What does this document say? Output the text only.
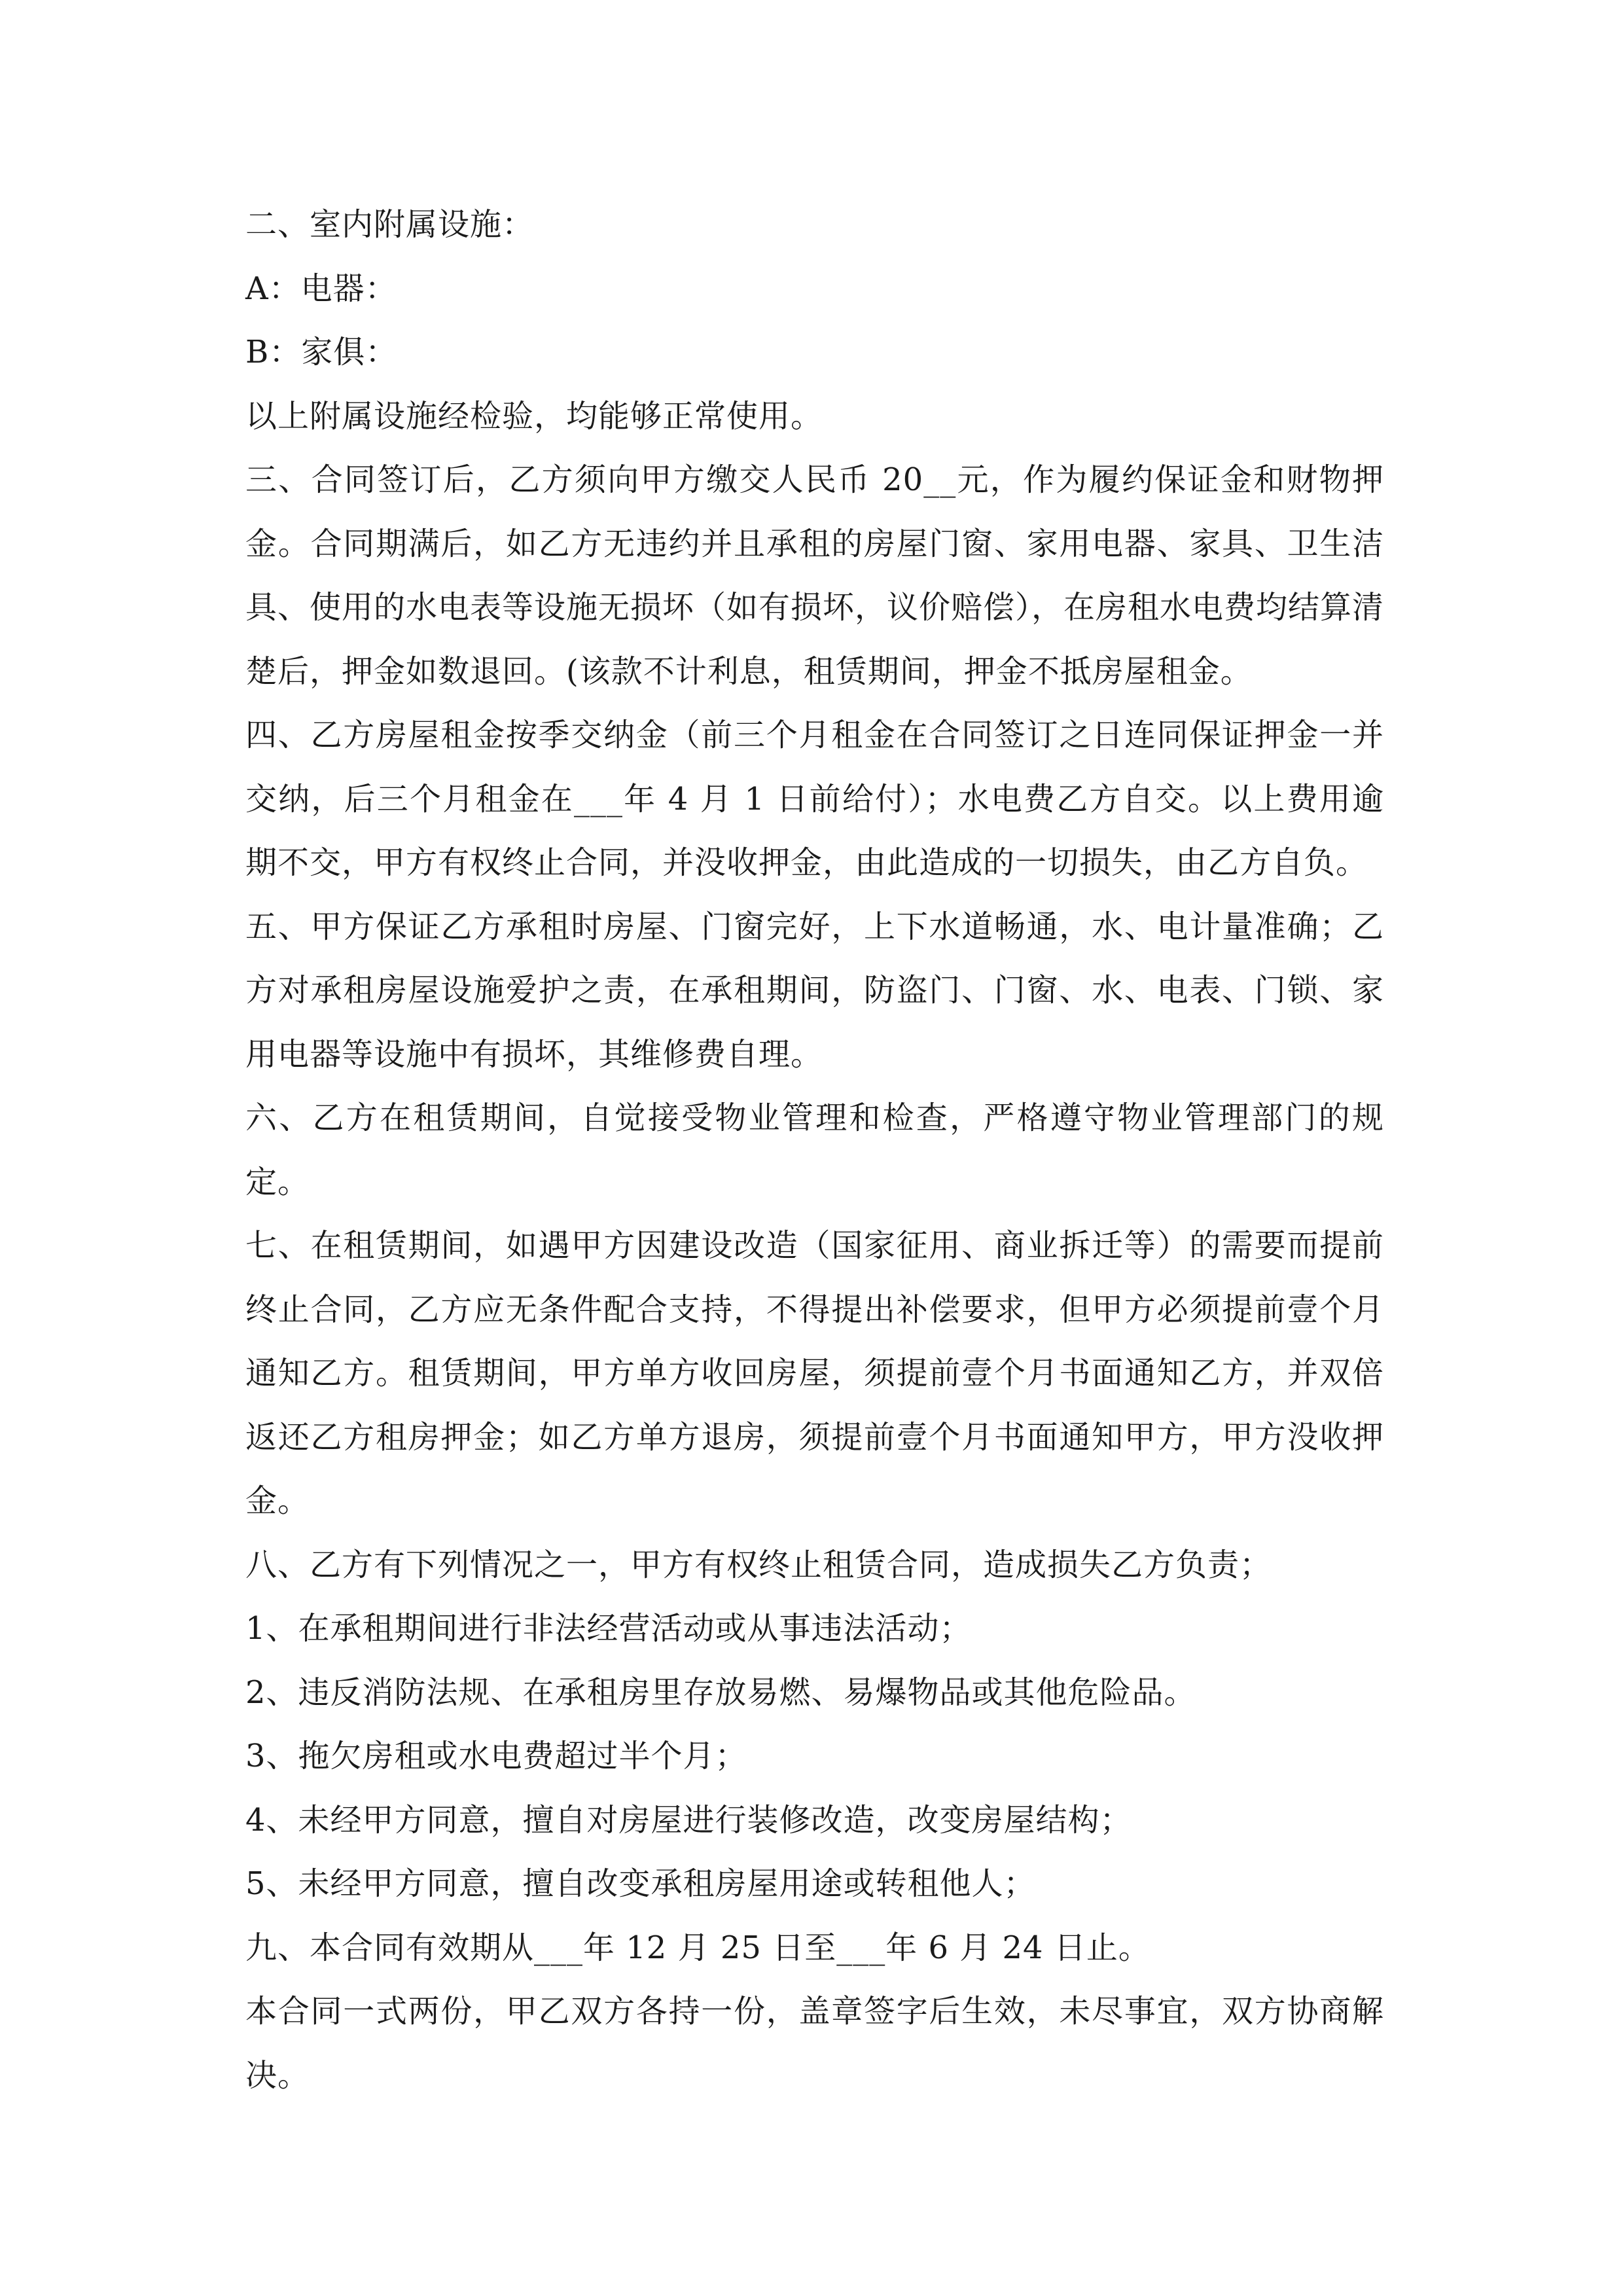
二、室内附属设施：

A：电器：

B：家俱：

以上附属设施经检验，均能够正常使用。

三、合同签订后，乙方须向甲方缴交人民币 20__元，作为履约保证金和财物押金。合同期满后，如乙方无违约并且承租的房屋门窗、家用电器、家具、卫生洁具、使用的水电表等设施无损坏（如有损坏，议价赔偿），在房租水电费均结算清楚后，押金如数退回。(该款不计利息，租赁期间，押金不抵房屋租金。

四、乙方房屋租金按季交纳金（前三个月租金在合同签订之日连同保证押金一并交纳，后三个月租金在___年 4 月 1 日前给付）；水电费乙方自交。以上费用逾期不交，甲方有权终止合同，并没收押金，由此造成的一切损失，由乙方自负。

五、甲方保证乙方承租时房屋、门窗完好，上下水道畅通，水、电计量准确；乙方对承租房屋设施爱护之责，在承租期间，防盗门、门窗、水、电表、门锁、家用电器等设施中有损坏，其维修费自理。

六、乙方在租赁期间，自觉接受物业管理和检查，严格遵守物业管理部门的规定。

七、在租赁期间，如遇甲方因建设改造（国家征用、商业拆迁等）的需要而提前终止合同，乙方应无条件配合支持，不得提出补偿要求，但甲方必须提前壹个月通知乙方。租赁期间，甲方单方收回房屋，须提前壹个月书面通知乙方，并双倍返还乙方租房押金；如乙方单方退房，须提前壹个月书面通知甲方，甲方没收押金。

八、乙方有下列情况之一，甲方有权终止租赁合同，造成损失乙方负责；

1、在承租期间进行非法经营活动或从事违法活动；

2、违反消防法规、在承租房里存放易燃、易爆物品或其他危险品。

3、拖欠房租或水电费超过半个月；

4、未经甲方同意，擅自对房屋进行装修改造，改变房屋结构；

5、未经甲方同意，擅自改变承租房屋用途或转租他人；

九、本合同有效期从___年 12 月 25 日至___年 6 月 24 日止。

本合同一式两份，甲乙双方各持一份，盖章签字后生效，未尽事宜，双方协商解决。
